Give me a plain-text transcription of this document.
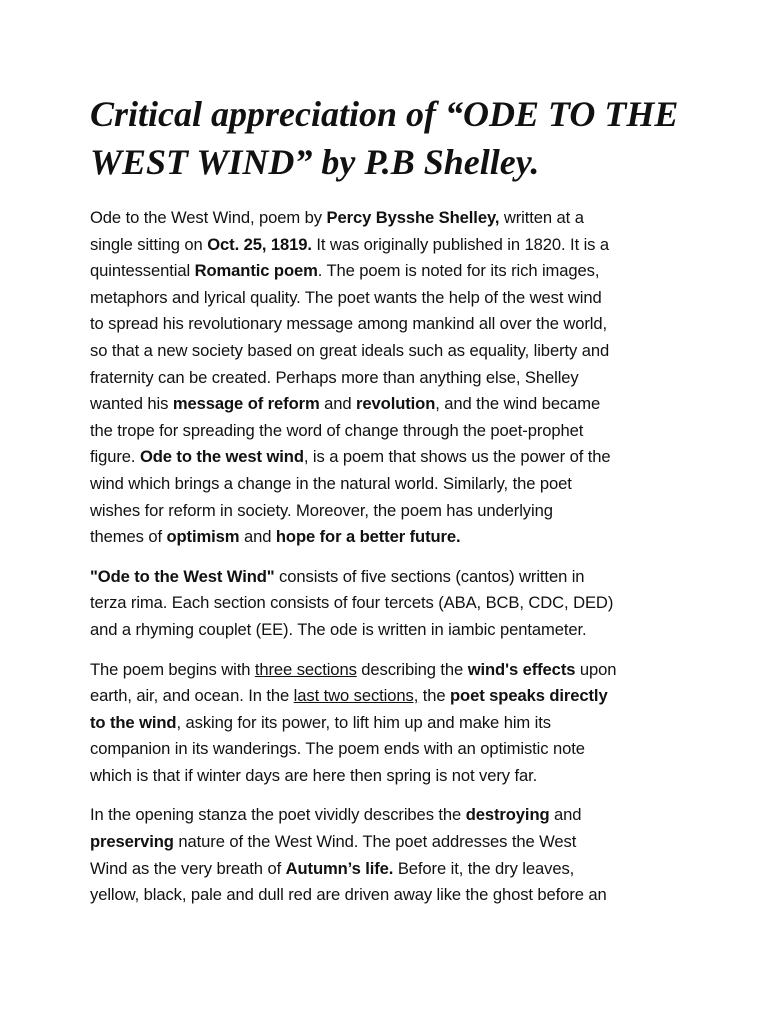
Critical appreciation of “ODE TO THE
WEST WIND” by P.B Shelley.

Ode to the West Wind, poem by Percy Bysshe Shelley, written at a
single sitting on Oct. 25, 1819. It was originally published in 1820. It is a
quintessential Romantic poem. The poem is noted for its rich images,
metaphors and lyrical quality. The poet wants the help of the west wind
to spread his revolutionary message among mankind all over the world,
so that a new society based on great ideals such as equality, liberty and
fraternity can be created. Perhaps more than anything else, Shelley
wanted his message of reform and revolution, and the wind became
the trope for spreading the word of change through the poet-prophet
figure. Ode to the west wind, is a poem that shows us the power of the
wind which brings a change in the natural world. Similarly, the poet
wishes for reform in society. Moreover, the poem has underlying
themes of optimism and hope for a better future.

"Ode to the West Wind" consists of five sections (cantos) written in
terza rima. Each section consists of four tercets (ABA, BCB, CDC, DED)
and a rhyming couplet (EE). The ode is written in iambic pentameter.

The poem begins with three sections describing the wind's effects upon
earth, air, and ocean. In the last two sections, the poet speaks directly
to the wind, asking for its power, to lift him up and make him its
companion in its wanderings. The poem ends with an optimistic note
which is that if winter days are here then spring is not very far.

In the opening stanza the poet vividly describes the destroying and
preserving nature of the West Wind. The poet addresses the West
Wind as the very breath of Autumn’s life. Before it, the dry leaves,
yellow, black, pale and dull red are driven away like the ghost before an
